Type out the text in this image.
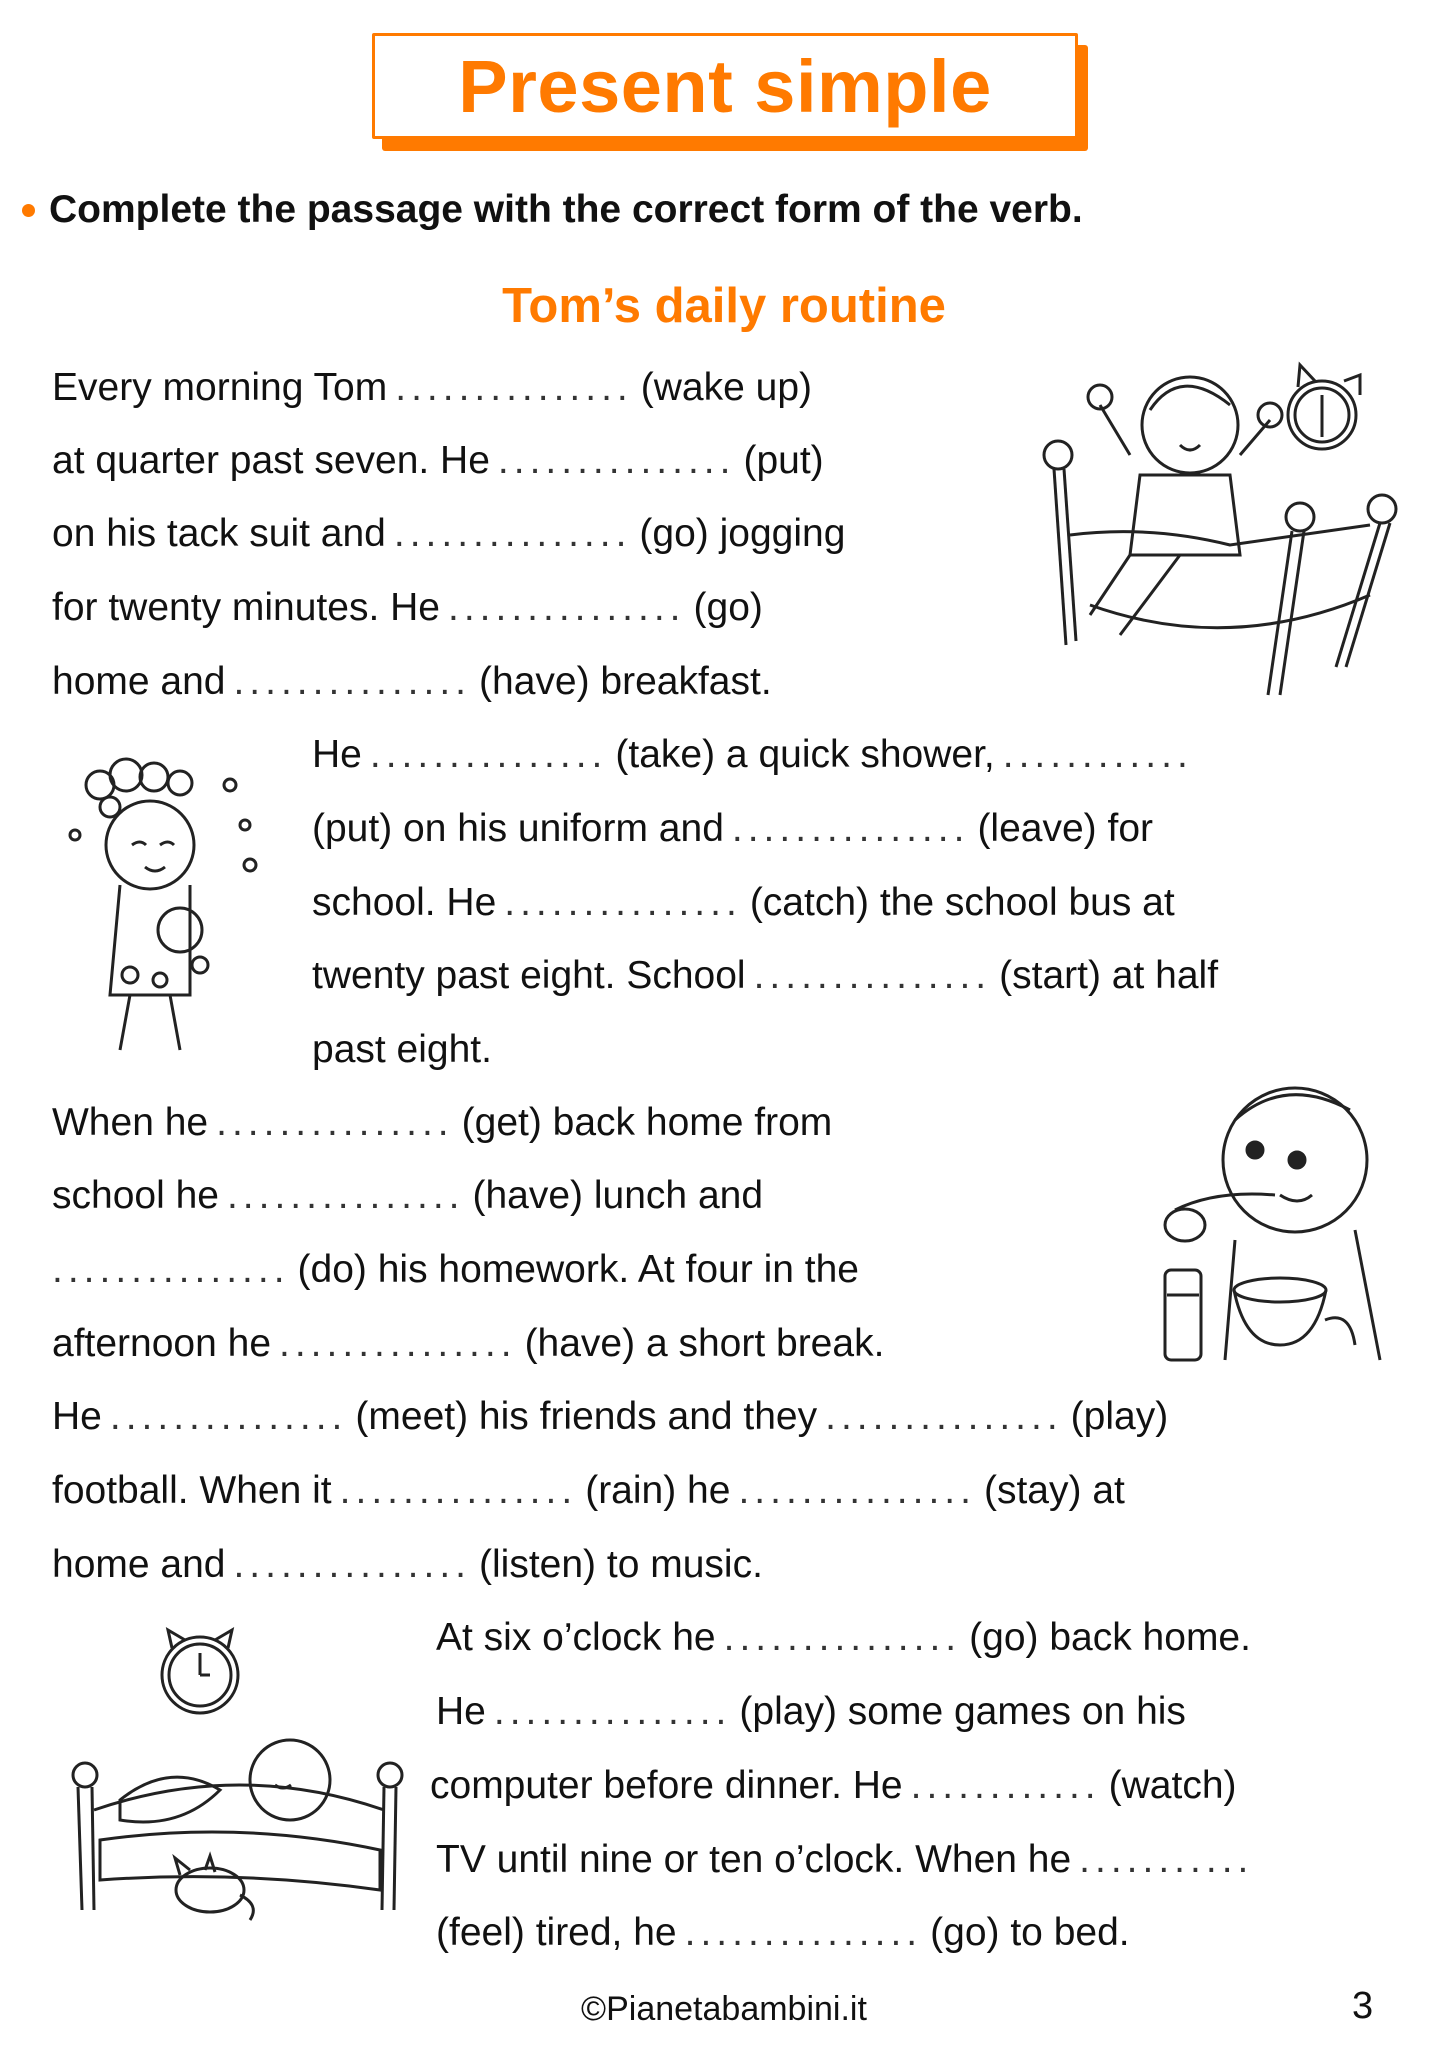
Present simple
Complete the passage with the correct form of the verb.
Tom’s daily routine
Every morning Tom ............... (wake up)
at quarter past seven. He ............... (put)
on his tack suit and ............... (go) jogging
for twenty minutes. He ............... (go)
home and ............... (have) breakfast.
He ............... (take) a quick shower, ............
(put) on his uniform and ............... (leave) for
school. He ............... (catch) the school bus at
twenty past eight. School ............... (start) at half
past eight.
When he ............... (get) back home from
school he ............... (have) lunch and
............... (do) his homework. At four in the
afternoon he ............... (have) a short break.
He ............... (meet) his friends and they ............... (play)
football. When it ............... (rain) he ............... (stay) at
home and ............... (listen) to music.
At six o’clock he ............... (go) back home.
He ............... (play) some games on his
computer before dinner. He ............ (watch)
TV until nine or ten o’clock. When he ...........
(feel) tired, he ............... (go) to bed.
©Pianetabambini.it	3
